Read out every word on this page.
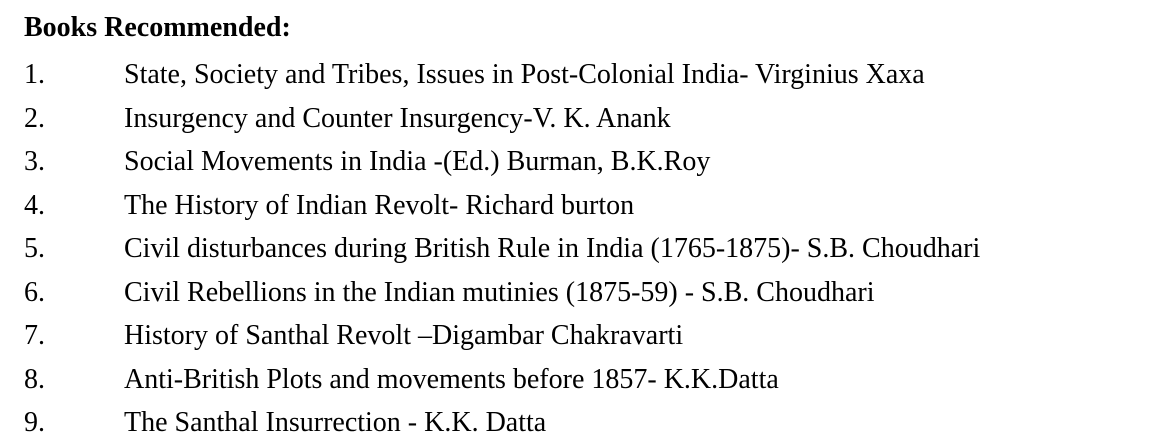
Books Recommended:
1.	State, Society and Tribes, Issues in Post-Colonial India- Virginius Xaxa
2.	Insurgency and Counter Insurgency-V. K. Anank
3.	Social Movements in India -(Ed.) Burman, B.K.Roy
4.	The History of Indian Revolt- Richard burton
5.	Civil disturbances during British Rule in India (1765-1875)- S.B. Choudhari
6.	Civil Rebellions in the Indian mutinies (1875-59) - S.B. Choudhari
7.	History of Santhal Revolt –Digambar Chakravarti
8.	Anti-British Plots and movements before 1857- K.K.Datta
9.	The Santhal Insurrection - K.K. Datta
